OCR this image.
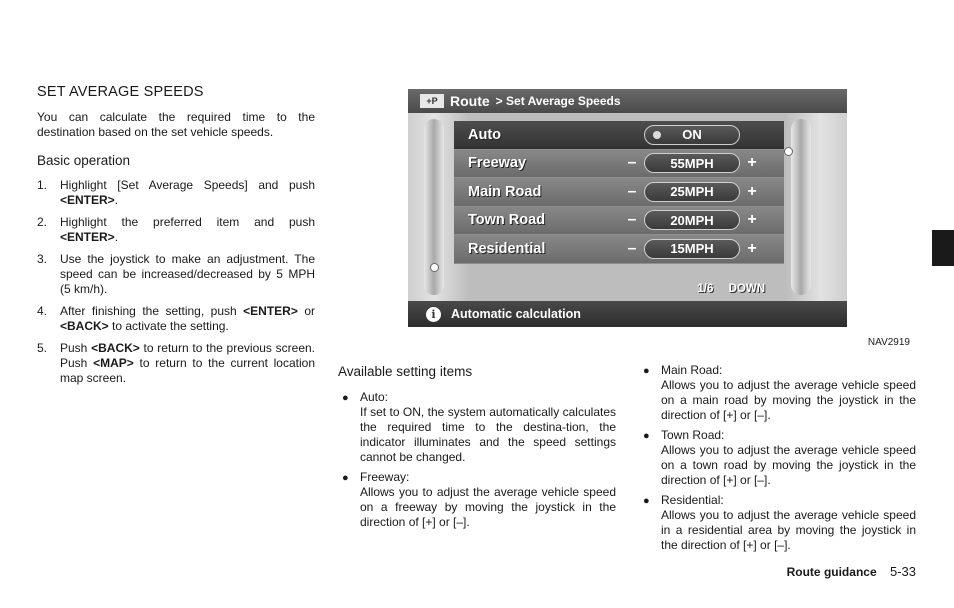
SET AVERAGE SPEEDS

You can calculate the required time to the destination based on the set vehicle speeds.

Basic operation
1. Highlight [Set Average Speeds] and push <ENTER>.
2. Highlight the preferred item and push <ENTER>.
3. Use the joystick to make an adjustment. The speed can be increased/decreased by 5 MPH (5 km/h).
4. After finishing the setting, push <ENTER> or <BACK> to activate the setting.
5. Push <BACK> to return to the previous screen. Push <MAP> to return to the current location map screen.
+P Route > Set Average Speeds
Auto	ON
Freeway	–	55MPH	+
Main Road	–	25MPH	+
Town Road	–	20MPH	+
Residential	–	15MPH	+
1/6 DOWN
i	Automatic calculation
NAV2919
Available setting items
● Auto:
If set to ON, the system automatically calculates the required time to the destina-tion, the indicator illuminates and the speed settings cannot be changed.
● Freeway:
Allows you to adjust the average vehicle speed on a freeway by moving the joystick in the direction of [+] or [–].
● Main Road:
Allows you to adjust the average vehicle speed on a main road by moving the joystick in the direction of [+] or [–].
● Town Road:
Allows you to adjust the average vehicle speed on a town road by moving the joystick in the direction of [+] or [–].
● Residential:
Allows you to adjust the average vehicle speed in a residential area by moving the joystick in the direction of [+] or [–].
Route guidance 5-33
